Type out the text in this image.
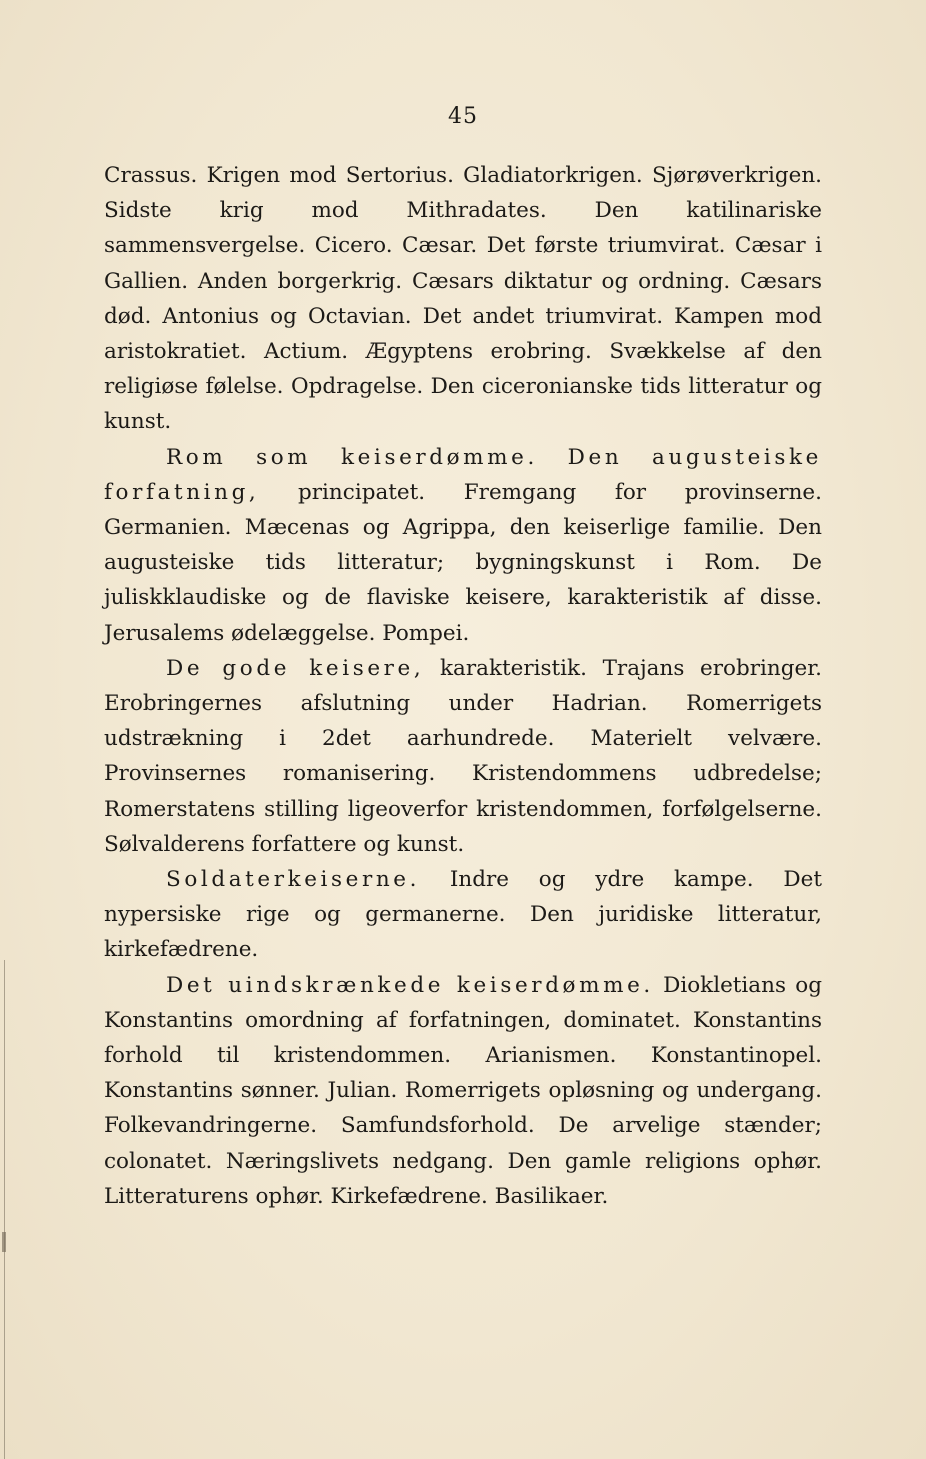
45

Crassus. Krigen mod Sertorius. Gladiatorkrigen. Sjørøverkrigen. Sidste krig mod Mithradates. Den katilinariske sammensvergelse. Cicero. Cæsar. Det første triumvirat. Cæsar i Gallien. Anden borgerkrig. Cæsars diktatur og ordning. Cæsars død. Antonius og Octavian. Det andet triumvirat. Kampen mod aristokratiet. Actium. Ægyptens erobring. Svækkelse af den religiøse følelse. Opdragelse. Den ciceronianske tids litteratur og kunst.

Rom som keiserdømme. Den augusteiske forfatning, principatet. Fremgang for provinserne. Germanien. Mæcenas og Agrippa, den keiserlige familie. Den augusteiske tids litteratur; bygningskunst i Rom. De juliskklaudiske og de flaviske keisere, karakteristik af disse. Jerusalems ødelæggelse. Pompei.

De gode keisere, karakteristik. Trajans erobringer. Erobringernes afslutning under Hadrian. Romerrigets udstrækning i 2det aarhundrede. Materielt velvære. Provinsernes romanisering. Kristendommens udbredelse; Romerstatens stilling ligeoverfor kristendommen, forfølgelserne. Sølvalderens forfattere og kunst.

Soldaterkeiserne. Indre og ydre kampe. Det nypersiske rige og germanerne. Den juridiske litteratur, kirkefædrene.

Det uindskrænkede keiserdømme. Diokletians og Konstantins omordning af forfatningen, dominatet. Konstantins forhold til kristendommen. Arianismen. Konstantinopel. Konstantins sønner. Julian. Romerrigets opløsning og undergang. Folkevandringerne. Samfundsforhold. De arvelige stænder; colonatet. Næringslivets nedgang. Den gamle religions ophør. Litteraturens ophør. Kirkefædrene. Basilikaer.
